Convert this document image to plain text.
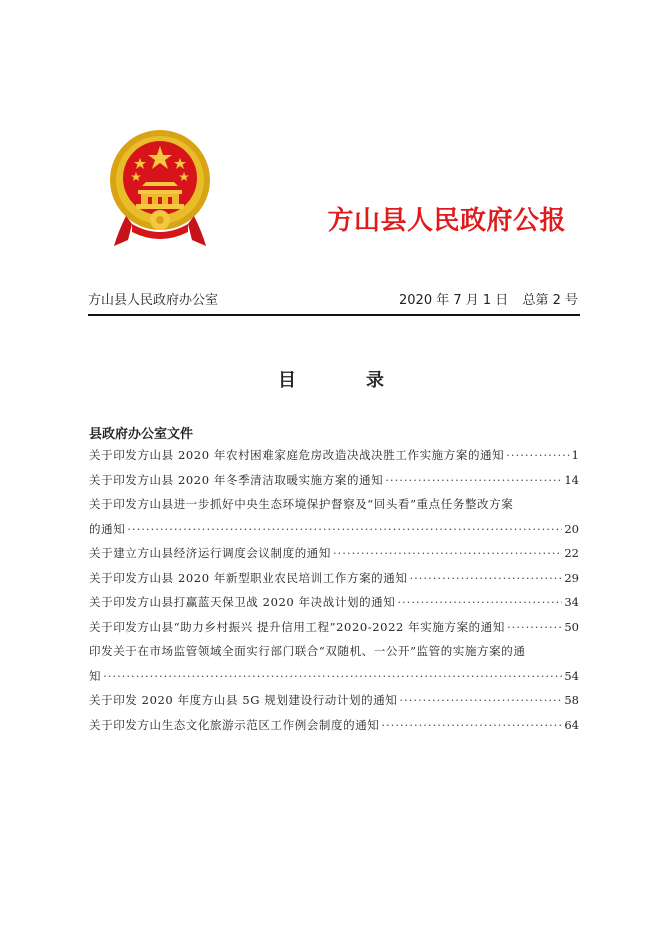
方山县人民政府公报
方山县人民政府办公室	2020 年 7 月 1 日 总第 2 号
目	录
县政府办公室文件
关于印发方山县 2020 年农村困难家庭危房改造决战决胜工作实施方案的通知 ·····	1
关于印发方山县 2020 年冬季清洁取暖实施方案的通知 ·····	14
关于印发方山县进一步抓好中央生态环境保护督察及“回头看”重点任务整改方案
的通知 ·····	20
关于建立方山县经济运行调度会议制度的通知 ·····	22
关于印发方山县 2020 年新型职业农民培训工作方案的通知 ·····	29
关于印发方山县打赢蓝天保卫战 2020 年决战计划的通知 ·····	34
关于印发方山县“助力乡村振兴 提升信用工程”2020-2022 年实施方案的通知 ·····	50
印发关于在市场监管领域全面实行部门联合“双随机、一公开”监管的实施方案的通
知 ·····	54
关于印发 2020 年度方山县 5G 规划建设行动计划的通知 ·····	58
关于印发方山生态文化旅游示范区工作例会制度的通知 ·····	64
